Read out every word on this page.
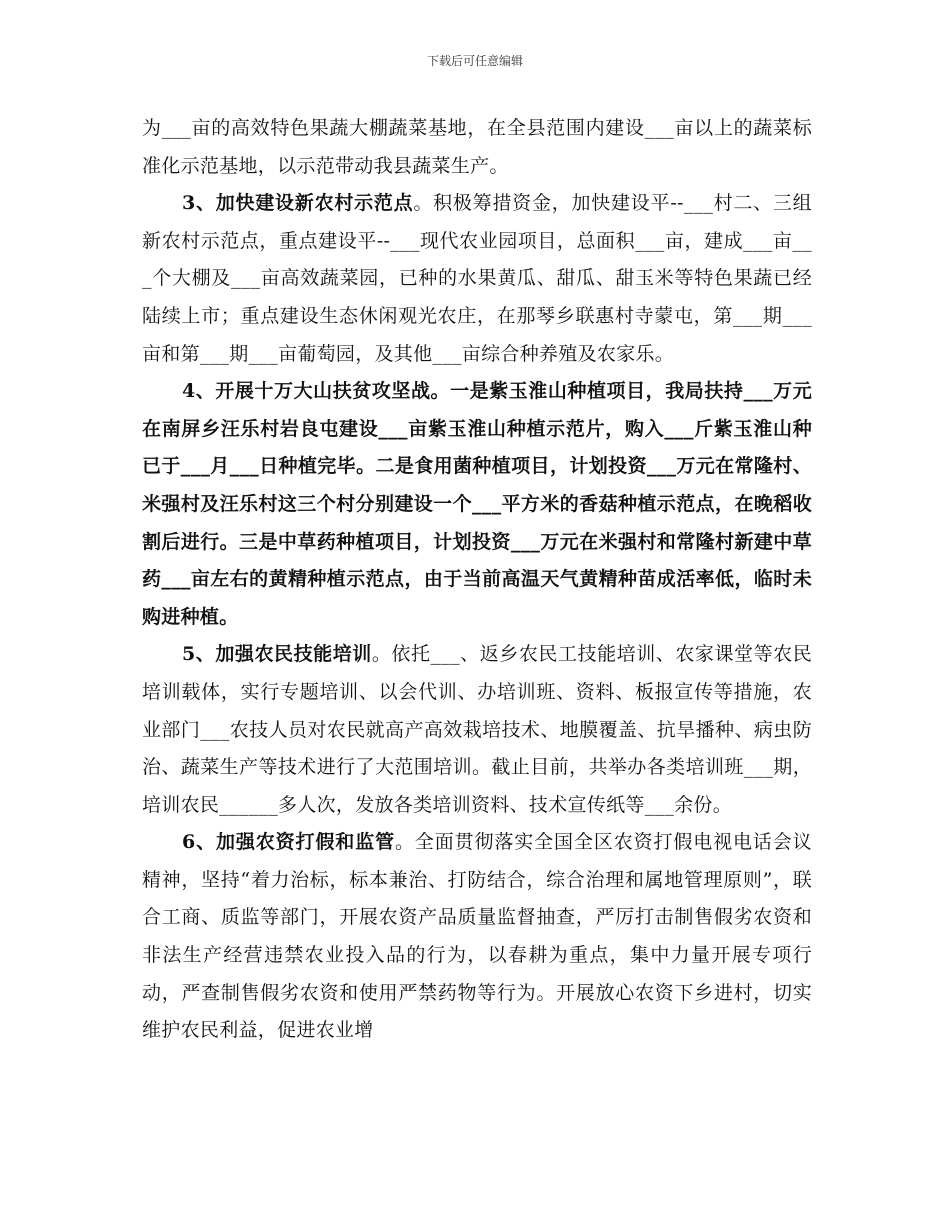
下载后可任意编辑

为___亩的高效特色果蔬大棚蔬菜基地，在全县范围内建设___亩以上的蔬菜标准化示范基地，以示范带动我县蔬菜生产。

3、加快建设新农村示范点。积极筹措资金，加快建设平--___村二、三组新农村示范点，重点建设平--___现代农业园项目，总面积___亩，建成___亩___个大棚及___亩高效蔬菜园，已种的水果黄瓜、甜瓜、甜玉米等特色果蔬已经陆续上市；重点建设生态休闲观光农庄，在那琴乡联惠村寺蒙屯，第___期___亩和第___期___亩葡萄园，及其他___亩综合种养殖及农家乐。

4、开展十万大山扶贫攻坚战。一是紫玉淮山种植项目，我局扶持___万元在南屏乡汪乐村岩良屯建设___亩紫玉淮山种植示范片，购入___斤紫玉淮山种已于___月___日种植完毕。二是食用菌种植项目，计划投资___万元在常隆村、米强村及汪乐村这三个村分别建设一个___平方米的香菇种植示范点，在晚稻收割后进行。三是中草药种植项目，计划投资___万元在米强村和常隆村新建中草药___亩左右的黄精种植示范点，由于当前高温天气黄精种苗成活率低，临时未购进种植。

5、加强农民技能培训。依托___、返乡农民工技能培训、农家课堂等农民培训载体，实行专题培训、以会代训、办培训班、资料、板报宣传等措施，农业部门___农技人员对农民就高产高效栽培技术、地膜覆盖、抗旱播种、病虫防治、蔬菜生产等技术进行了大范围培训。截止目前，共举办各类培训班___期，培训农民______多人次，发放各类培训资料、技术宣传纸等___余份。

6、加强农资打假和监管。全面贯彻落实全国全区农资打假电视电话会议精神，坚持“着力治标，标本兼治、打防结合，综合治理和属地管理原则”，联合工商、质监等部门，开展农资产品质量监督抽查，严厉打击制售假劣农资和非法生产经营违禁农业投入品的行为，以春耕为重点，集中力量开展专项行动，严查制售假劣农资和使用严禁药物等行为。开展放心农资下乡进村，切实维护农民利益，促进农业增
